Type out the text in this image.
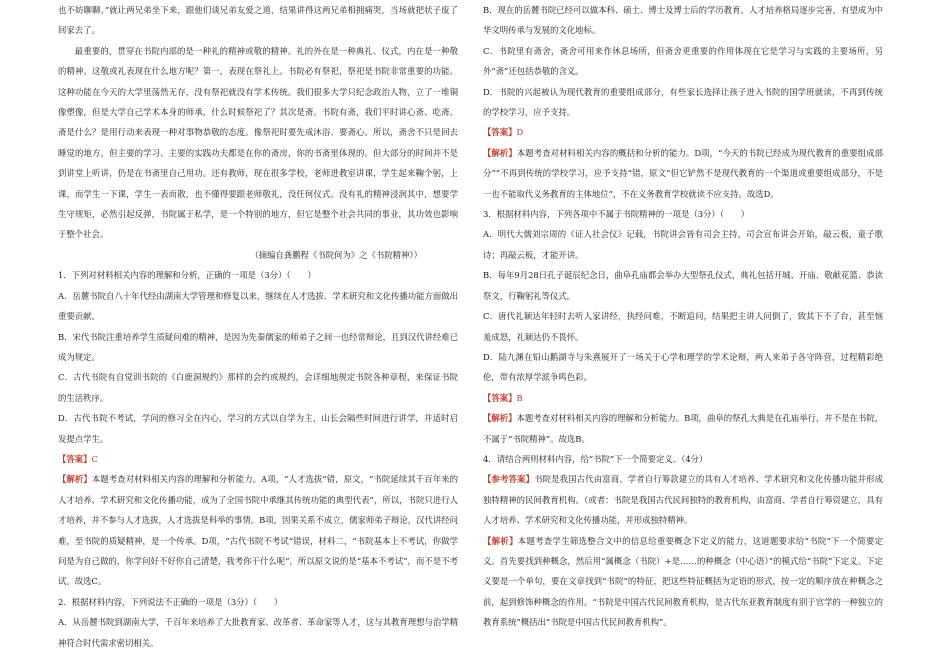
也不妨聊聊。”就让两兄弟坐下来，跟他们谈兄弟友爱之道，结果讲得这两兄弟相拥痛哭，当场就把状子废了回家去了。

最重要的，贯穿在书院内部的是一种礼的精神或敬的精神。礼的外在是一种典礼、仪式，内在是一种敬的精神。这敬或礼表现在什么地方呢？第一，表现在祭礼上。书院必有祭祀，祭祀是书院非常重要的功能。这种功能在今天的大学里荡然无存，没有祭祀就没有学术传统。我们很多大学只纪念政治人物，立了一堆铜像塑像，但是大学自己学术本身的师承，什么时候祭祀了？其次是斋。书院有斋，我们平时讲心斋、吃斋。斋是什么？是用行动来表现一种对事物恭敬的态度。像祭祀时要先戒沐浴、要斋心。所以，斋舍不只是回去睡觉的地方，但主要的学习、主要的实践功夫都是在你的斋房，你的书斋里体现的。但大部分的时间并不是到讲堂上听讲，仍是在书斋里自己用功。还有教师，现在很多学校，老师进教室讲课，学生起来鞠个躬，上课，而学生一下课，学生一表而散，也不懂得要跟老师敬礼，没任何仪式。没有礼的精神浸润其中，想要学生守规矩，必然引起反弹，书院属于私学，是一个特别的地方，但它是整个社会共同的事业，其功效也影响于整个社会。

（摘编自龚鹏程《书院何为》之《书院精神》）

1．下列对材料相关内容的理解和分析，正确的一项是（3分）（　　）

A．岳麓书院自八十年代经由湖南大学管理和修复以来，继续在人才选拔、学术研究和文化传播功能方面做出重要贡献。

B．宋代书院注重培养学生质疑问难的精神，是因为先秦儒家的师弟子之间一也经常辩论，且到汉代讲经难已成为规定。

C．古代书院有自觉训书院的《白鹿洞规约》那样的会约或规约，会详细地规定书院各种章程，来保证书院的生活秩序。

D．古代书院不考试，学问的修习全在内心，学习的方式以自学为主，山长会隔些时间进行讲学，并适时启发提点学生。

【答案】C

【解析】本题考查对材料相关内容的理解和分析能力。A项，“人才选拔”错，原文，“书院延续其千百年来的人才培养、学术研究和文化传播功能，成为了全国书院中承继其传统功能的典型代表”，所以，书院只进行人才培养，并不参与人才选拔，人才选拔是科举的事情。B项，因果关系不成立，儒家师弟子辩论，汉代讲经问难，至书院的质疑精神，是一个传承。D项，“古代书院不考试”错误，材料二，“书院基本上不考试，你做学问是为自己做的，你学问好不好你自己清楚，我考你干什么呢”，所以原文说的是“基本不考试”，而不是不考试。故选C。

2．根据材料内容，下列说法不正确的一项是（3分）（　　）

A．从岳麓书院到湖南大学，千百年来培养了大批教育家、改革者、革命家等人才，这与其教育理想与治学精神符合时代需求密切相关。

B．现在的岳麓书院已经可以做本科、硕士、博士及博士后的学历教育。人才培养格局逐步完善，有望成为中华文明传承与发展的文化地标。

C．书院里有斋舍，斋舍可用来作休息场所，但斋舍更重要的作用体现在它是学习与实践的主要场所，另外“斋”还包括恭敬的含义。

D．书院的兴起被认为现代教育的重要组成部分，有些家长选择让孩子进入书院的国学班就读，不再到传统的学校学习，应予支持。

【答案】D

【解析】本题考查对材料相关内容的概括和分析的能力。D项，“今天的书院已经成为现代教育的重要组成部分”“不再到传统的学校学习，应予支持”错，原文“但它铲然不是现代教育的一个渠道或重要组成部分，不是一也不能取代义务教育的主体地位”，不在义务教育学校就读不应支持。故选D。

3．根据材料内容，下列各项中不属于书院精神的一项是（3分）（　　）

A．明代大儒刘宗周的《证人社会仪》记载，书院讲会皆有司会主持，司会宣布讲会开始，敲云板，童子歌诗；再敲云板，才能开讲。

B．每年9月28日孔子诞辰纪念日，曲阜孔庙都会举办大型祭孔仪式，典礼包括开城、开庙、敬献花篮、恭读祭文，行鞠躬礼等仪式。

C．唐代礼颖达年轻时去听人家讲经，执经问难，不断追问，结果把主讲人问倒了，致其下不了台，甚至恼羞成怒，礼颖达仍不畏怀。

D．陆九渊在铅山鹅湖寺与朱熹展开了一场关于心学和理学的学术论辩，两人来弟子各守阵营，过程精彩绝伦，带有浓厚学派争鸣色彩。

【答案】B

【解析】本题考查对材料相关内容的理解和分析能力。B项，曲阜的祭孔大典是在孔庙举行，并不是在书院，不属于“书院精神”。故选B。

4．请结合两则材料内容，给“书院”下一个简要定义。（4分）

【参考答案】书院是我国古代由富商、学者自行筹款建立的具有人才培养、学术研究和文化传播功能并形成独特精神的民间教育机构。（或者：书院是我国古代民间独特的教育机构，由富商、学者自行筹资建立，具有人才培养、学术研究和文化传播功能，并形成独特精神。

【解析】本题考查学生筛选整合文中的信息给重要概念下定义的能力，这道题要求给“书院”下一个简要定义。首先要找到种概念，然后用“属概念（书院）+是……的种概念（中心语）”的模式给“书院”下定义。下定义要是一个单句，要在文章找到“书院”的特征，把这些特征概括为定语的形式，按一定的顺序放在种概念之前，起到修饰种概念的作用。“书院是中国古代民间教育机构，是古代东亚教育制度有别于官学的一种独立的教育系统”概括出“书院是中国古代民间教育机构”。
